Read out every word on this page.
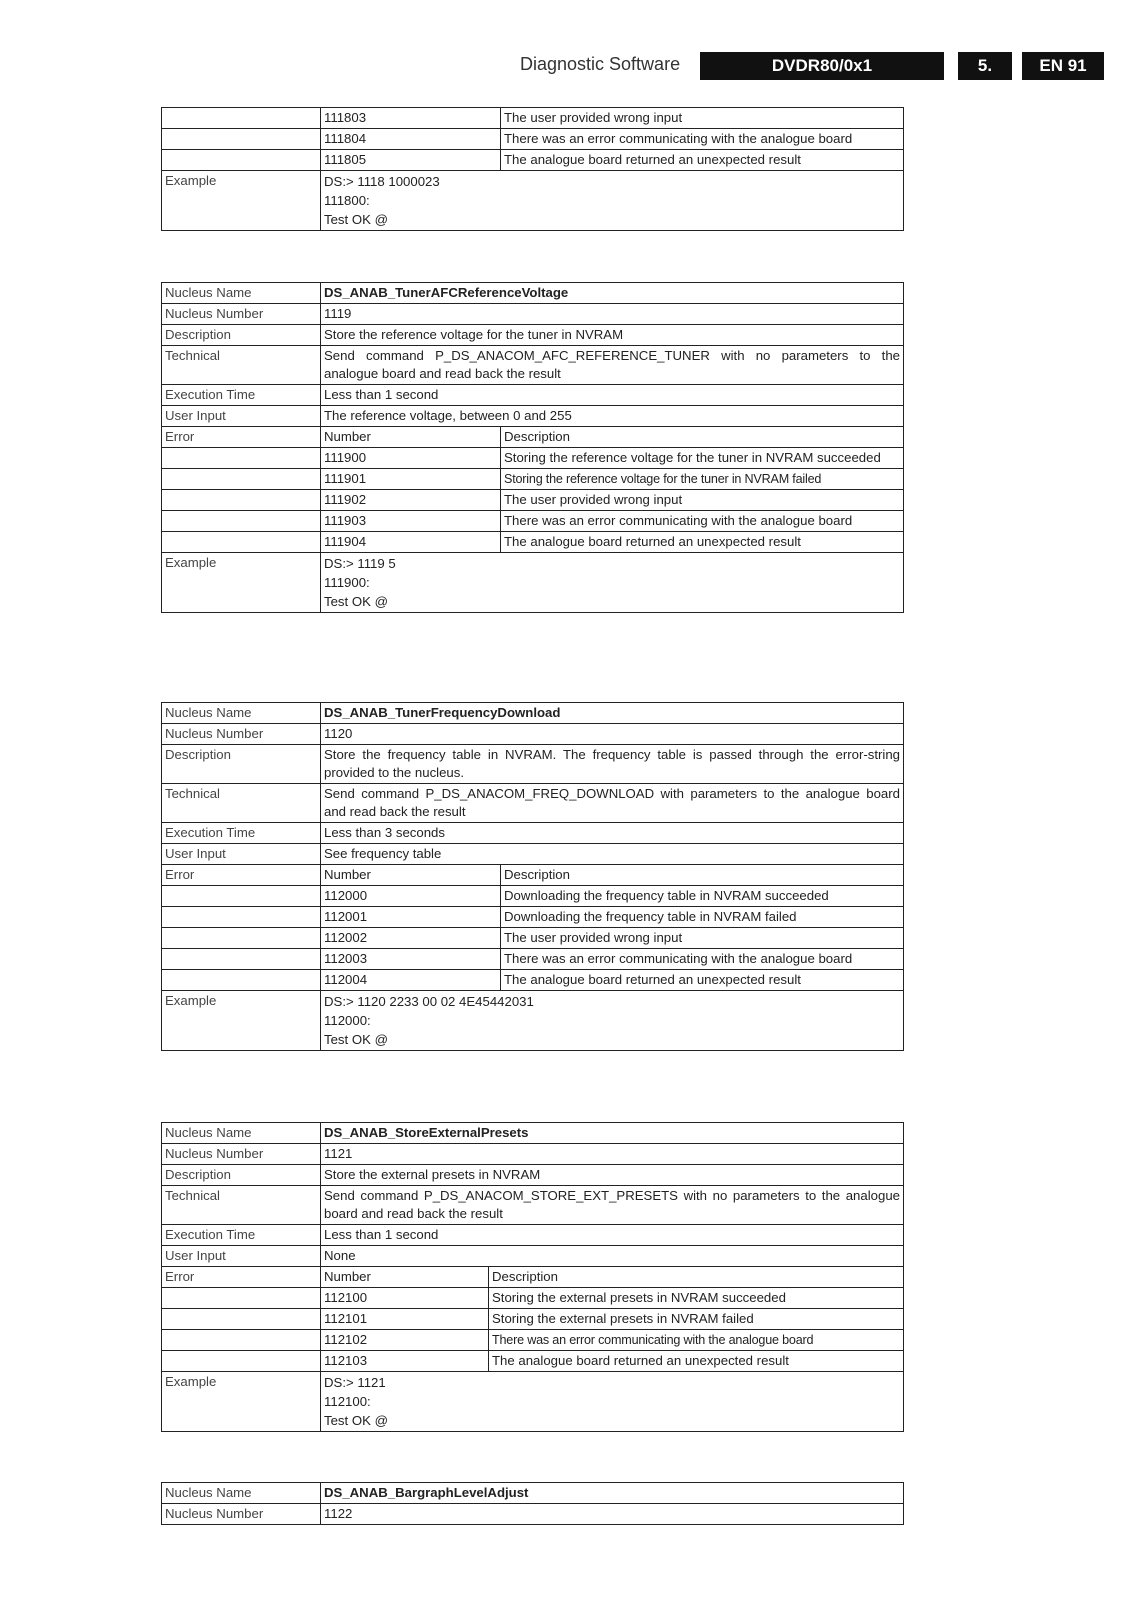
Diagnostic Software	DVDR80/0x1	5.	EN 91
	111803	The user provided wrong input
	111804	There was an error communicating with the analogue board
	111805	The analogue board returned an unexpected result
Example	DS:> 1118 1000023
111800:
Test OK @	
Nucleus Name	DS_ANAB_TunerAFCReferenceVoltage	
Nucleus Number	1119	
Description	Store the reference voltage for the tuner in NVRAM	
Technical	Send command P_DS_ANACOM_AFC_REFERENCE_TUNER with no parameters to the analogue board and read back the result	
Execution Time	Less than 1 second	
User Input	The reference voltage, between 0 and 255	
Error	Number	Description
	111900	Storing the reference voltage for the tuner in NVRAM succeeded
	111901	Storing the reference voltage for the tuner in NVRAM failed
	111902	The user provided wrong input
	111903	There was an error communicating with the analogue board
	111904	The analogue board returned an unexpected result
Example	DS:> 1119 5
111900:
Test OK @	
Nucleus Name	DS_ANAB_TunerFrequencyDownload	
Nucleus Number	1120	
Description	Store the frequency table in NVRAM. The frequency table is passed through the error-string provided to the nucleus.	
Technical	Send command P_DS_ANACOM_FREQ_DOWNLOAD with parameters to the analogue board and read back the result	
Execution Time	Less than 3 seconds	
User Input	See frequency table	
Error	Number	Description
	112000	Downloading the frequency table in NVRAM succeeded
	112001	Downloading the frequency table in NVRAM failed
	112002	The user provided wrong input
	112003	There was an error communicating with the analogue board
	112004	The analogue board returned an unexpected result
Example	DS:> 1120 2233 00 02 4E45442031
112000:
Test OK @	
Nucleus Name	DS_ANAB_StoreExternalPresets	
Nucleus Number	1121	
Description	Store the external presets in NVRAM	
Technical	Send command P_DS_ANACOM_STORE_EXT_PRESETS with no parameters to the analogue board and read back the result	
Execution Time	Less than 1 second	
User Input	None	
Error	Number	Description
	112100	Storing the external presets in NVRAM succeeded
	112101	Storing the external presets in NVRAM failed
	112102	There was an error communicating with the analogue board
	112103	The analogue board returned an unexpected result
Example	DS:> 1121
112100:
Test OK @	
Nucleus Name	DS_ANAB_BargraphLevelAdjust
Nucleus Number	1122
